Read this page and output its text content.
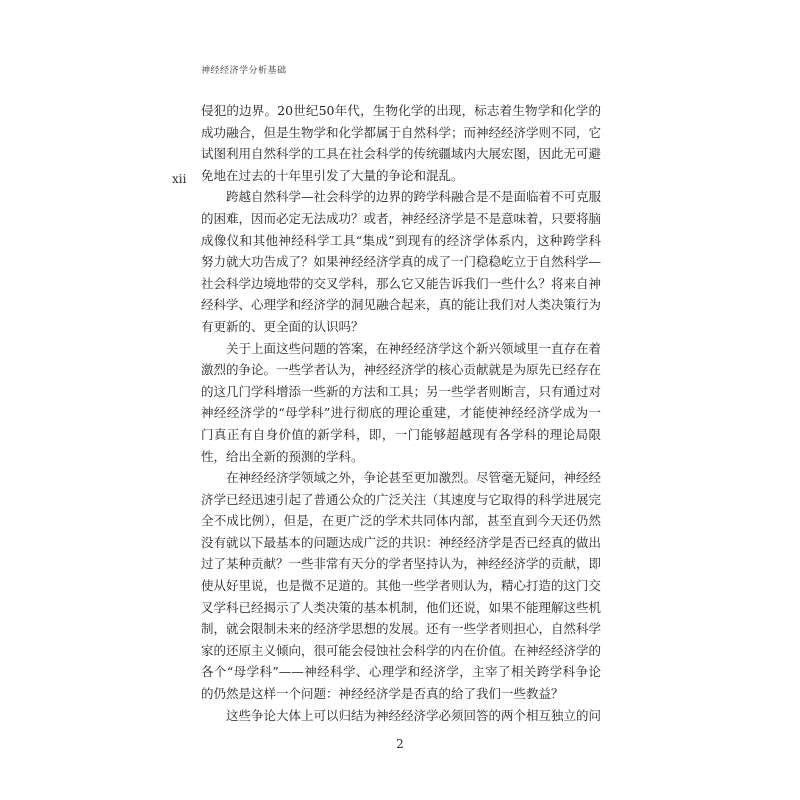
神经经济学分析基础
xii

侵犯的边界。20世纪50年代，生物化学的出现，标志着生物学和化学的成功融合，但是生物学和化学都属于自然科学；而神经经济学则不同，它试图利用自然科学的工具在社会科学的传统疆域内大展宏图，因此无可避免地在过去的十年里引发了大量的争论和混乱。

跨越自然科学—社会科学的边界的跨学科融合是不是面临着不可克服的困难，因而必定无法成功？或者，神经经济学是不是意味着，只要将脑成像仪和其他神经科学工具“集成”到现有的经济学体系内，这种跨学科努力就大功告成了？如果神经经济学真的成了一门稳稳屹立于自然科学—社会科学边境地带的交叉学科，那么它又能告诉我们一些什么？将来自神经科学、心理学和经济学的洞见融合起来，真的能让我们对人类决策行为有更新的、更全面的认识吗？

关于上面这些问题的答案，在神经经济学这个新兴领域里一直存在着激烈的争论。一些学者认为，神经经济学的核心贡献就是为原先已经存在的这几门学科增添一些新的方法和工具；另一些学者则断言，只有通过对神经经济学的“母学科”进行彻底的理论重建，才能使神经经济学成为一门真正有自身价值的新学科，即，一门能够超越现有各学科的理论局限性，给出全新的预测的学科。

在神经经济学领域之外，争论甚至更加激烈。尽管毫无疑问，神经经济学已经迅速引起了普通公众的广泛关注（其速度与它取得的科学进展完全不成比例），但是，在更广泛的学术共同体内部，甚至直到今天还仍然没有就以下最基本的问题达成广泛的共识：神经经济学是否已经真的做出过了某种贡献？一些非常有天分的学者坚持认为，神经经济学的贡献，即使从好里说，也是微不足道的。其他一些学者则认为，精心打造的这门交叉学科已经揭示了人类决策的基本机制，他们还说，如果不能理解这些机制，就会限制未来的经济学思想的发展。还有一些学者则担心，自然科学家的还原主义倾向，很可能会侵蚀社会科学的内在价值。在神经经济学的各个“母学科”——神经科学、心理学和经济学，主宰了相关跨学科争论的仍然是这样一个问题：神经经济学是否真的给了我们一些教益？

这些争论大体上可以归结为神经经济学必须回答的两个相互独立的问

2
